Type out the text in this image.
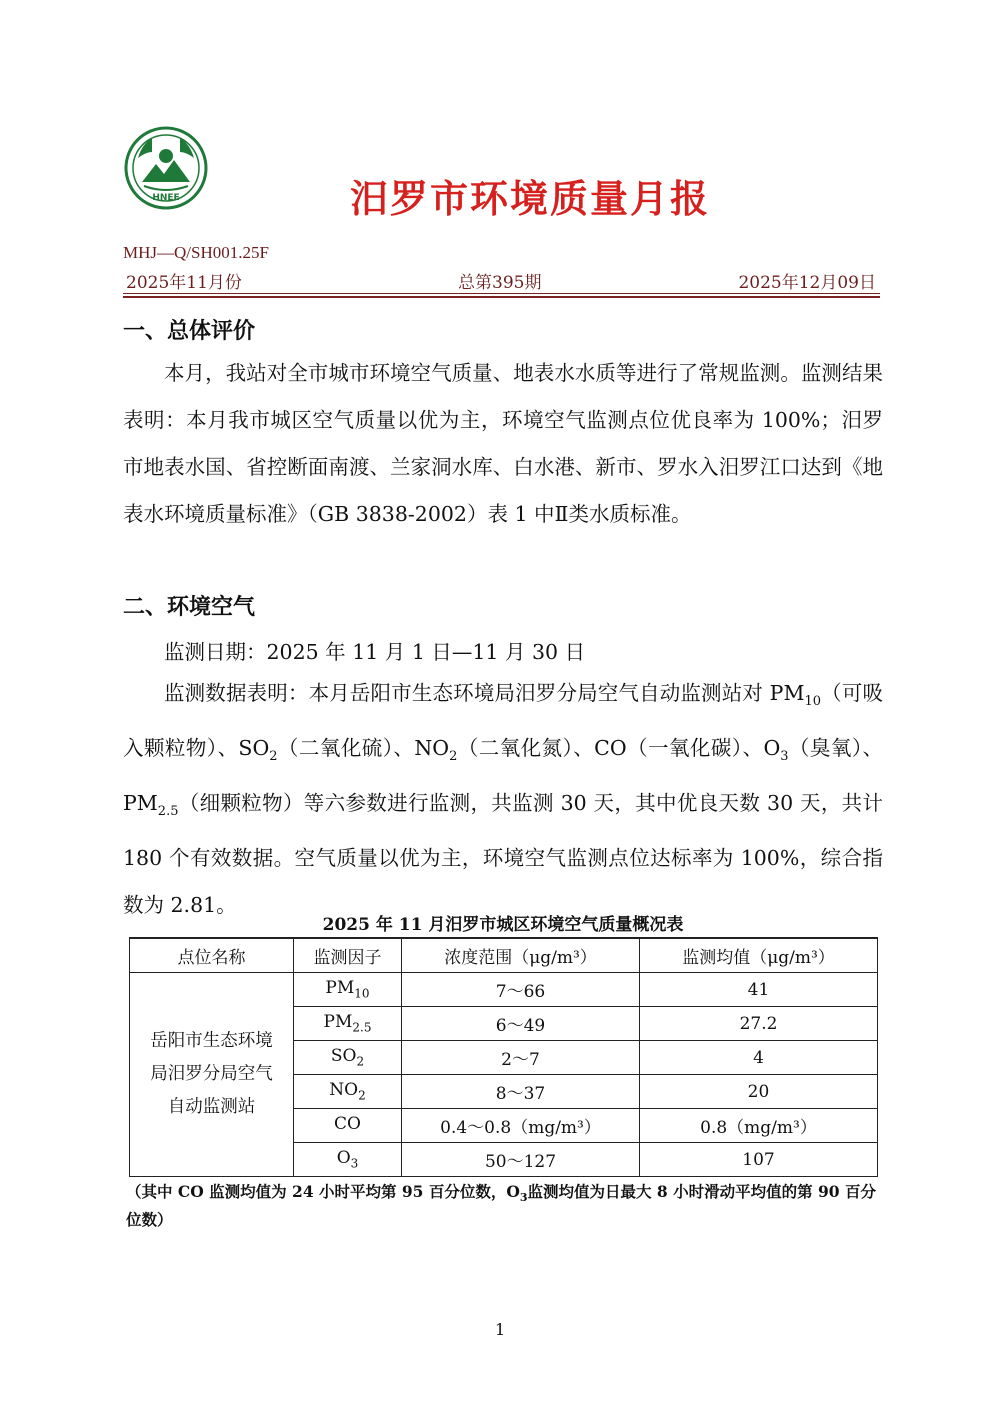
HNEE	汨罗市环境质量月报
MHJ—Q/SH001.25F
2025年11月份	总第395期	2025年12月09日
一、总体评价
本月，我站对全市城市环境空气质量、地表水水质等进行了常规监测。监测结果表明：本月我市城区空气质量以优为主，环境空气监测点位优良率为 100%；汨罗市地表水国、省控断面南渡、兰家洞水库、白水港、新市、罗水入汨罗江口达到《地表水环境质量标准》（GB 3838-2002）表 1 中Ⅱ类水质标准。
二、环境空气
监测日期：2025 年 11 月 1 日—11 月 30 日
监测数据表明：本月岳阳市生态环境局汨罗分局空气自动监测站对 $PM_{10}$（可吸入颗粒物）、$SO_2$（二氧化硫）、$NO_2$（二氧化氮）、CO（一氧化碳）、$O_3$（臭氧）、$PM_{2.5}$（细颗粒物）等六参数进行监测，共监测 30 天，其中优良天数 30 天，共计 180 个有效数据。空气质量以优为主，环境空气监测点位达标率为 100%，综合指数为 2.81。
2025 年 11 月汨罗市城区环境空气质量概况表
点位名称	监测因子	浓度范围（μg/m³）	监测均值（μg/m³）

岳阳市生态环境
局汨罗分局空气
自动监测站	$PM_{10}$	7～66	41
	$PM_{2.5}$	6～49	27.2
	$SO_2$	2～7	4
	$NO_2$	8～37	20
	CO	0.4～0.8（mg/m³）	0.8（mg/m³）
	$O_3$	50～127	107
（其中 CO 监测均值为 24 小时平均第 95 百分位数，$O_3$监测均值为日最大 8 小时滑动平均值的第 90 百分位数）
1
